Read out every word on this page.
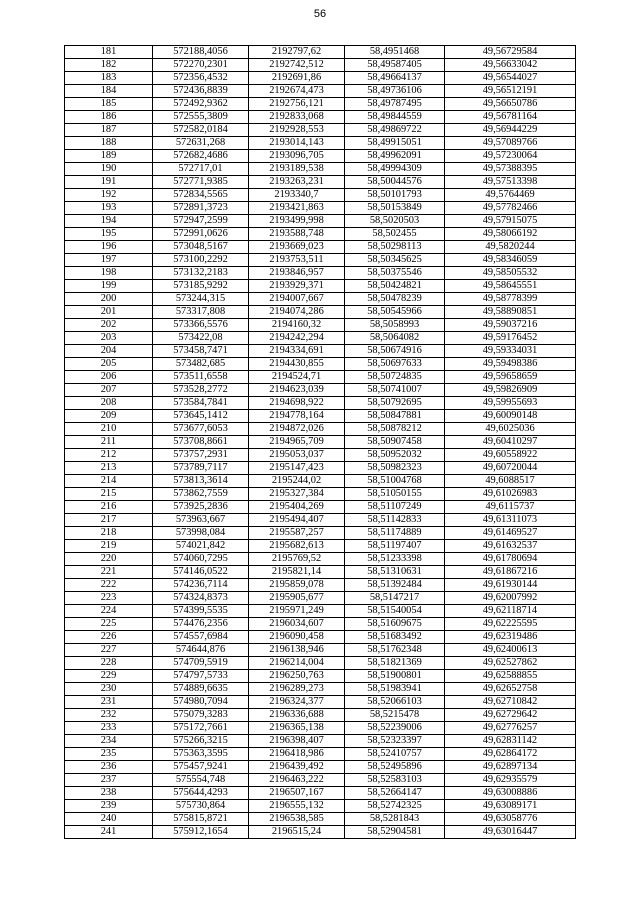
56
181	572188,4056	2192797,62	58,4951468	49,56729584
182	572270,2301	2192742,512	58,49587405	49,56633042
183	572356,4532	2192691,86	58,49664137	49,56544027
184	572436,8839	2192674,473	58,49736106	49,56512191
185	572492,9362	2192756,121	58,49787495	49,56650786
186	572555,3809	2192833,068	58,49844559	49,56781164
187	572582,0184	2192928,553	58,49869722	49,56944229
188	572631,268	2193014,143	58,49915051	49,57089766
189	572682,4686	2193096,705	58,49962091	49,57230064
190	572717,01	2193189,538	58,49994309	49,57388395
191	572771,9385	2193263,231	58,50044576	49,57513398
192	572834,5565	2193340,7	58,50101793	49,5764469
193	572891,3723	2193421,863	58,50153849	49,57782466
194	572947,2599	2193499,998	58,5020503	49,57915075
195	572991,0626	2193588,748	58,502455	49,58066192
196	573048,5167	2193669,023	58,50298113	49,5820244
197	573100,2292	2193753,511	58,50345625	49,58346059
198	573132,2183	2193846,957	58,50375546	49,58505532
199	573185,9292	2193929,371	58,50424821	49,58645551
200	573244,315	2194007,667	58,50478239	49,58778399
201	573317,808	2194074,286	58,50545966	49,58890851
202	573366,5576	2194160,32	58,5058993	49,59037216
203	573422,08	2194242,294	58,5064082	49,59176452
204	573458,7471	2194334,691	58,50674916	49,59334031
205	573482,685	2194430,855	58,50697633	49,59498386
206	573511,6558	2194524,71	58,50724835	49,59658659
207	573528,2772	2194623,039	58,50741007	49,59826909
208	573584,7841	2194698,922	58,50792695	49,59955693
209	573645,1412	2194778,164	58,50847881	49,60090148
210	573677,6053	2194872,026	58,50878212	49,6025036
211	573708,8661	2194965,709	58,50907458	49,60410297
212	573757,2931	2195053,037	58,50952032	49,60558922
213	573789,7117	2195147,423	58,50982323	49,60720044
214	573813,3614	2195244,02	58,51004768	49,6088517
215	573862,7559	2195327,384	58,51050155	49,61026983
216	573925,2836	2195404,269	58,51107249	49,6115737
217	573963,667	2195494,407	58,51142833	49,61311073
218	573998,084	2195587,257	58,51174889	49,61469527
219	574021,842	2195682,613	58,51197407	49,61632537
220	574060,7295	2195769,52	58,51233398	49,61780694
221	574146,0522	2195821,14	58,51310631	49,61867216
222	574236,7114	2195859,078	58,51392484	49,61930144
223	574324,8373	2195905,677	58,5147217	49,62007992
224	574399,5535	2195971,249	58,51540054	49,62118714
225	574476,2356	2196034,607	58,51609675	49,62225595
226	574557,6984	2196090,458	58,51683492	49,62319486
227	574644,876	2196138,946	58,51762348	49,62400613
228	574709,5919	2196214,004	58,51821369	49,62527862
229	574797,5733	2196250,763	58,51900801	49,62588855
230	574889,6635	2196289,273	58,51983941	49,62652758
231	574980,7094	2196324,377	58,52066103	49,62710842
232	575079,3283	2196336,688	58,5215478	49,62729642
233	575172,7661	2196365,138	58,52239006	49,62776257
234	575266,3215	2196398,407	58,52323397	49,62831142
235	575363,3595	2196418,986	58,52410757	49,62864172
236	575457,9241	2196439,492	58,52495896	49,62897134
237	575554,748	2196463,222	58,52583103	49,62935579
238	575644,4293	2196507,167	58,52664147	49,63008886
239	575730,864	2196555,132	58,52742325	49,63089171
240	575815,8721	2196538,585	58,5281843	49,63058776
241	575912,1654	2196515,24	58,52904581	49,63016447
